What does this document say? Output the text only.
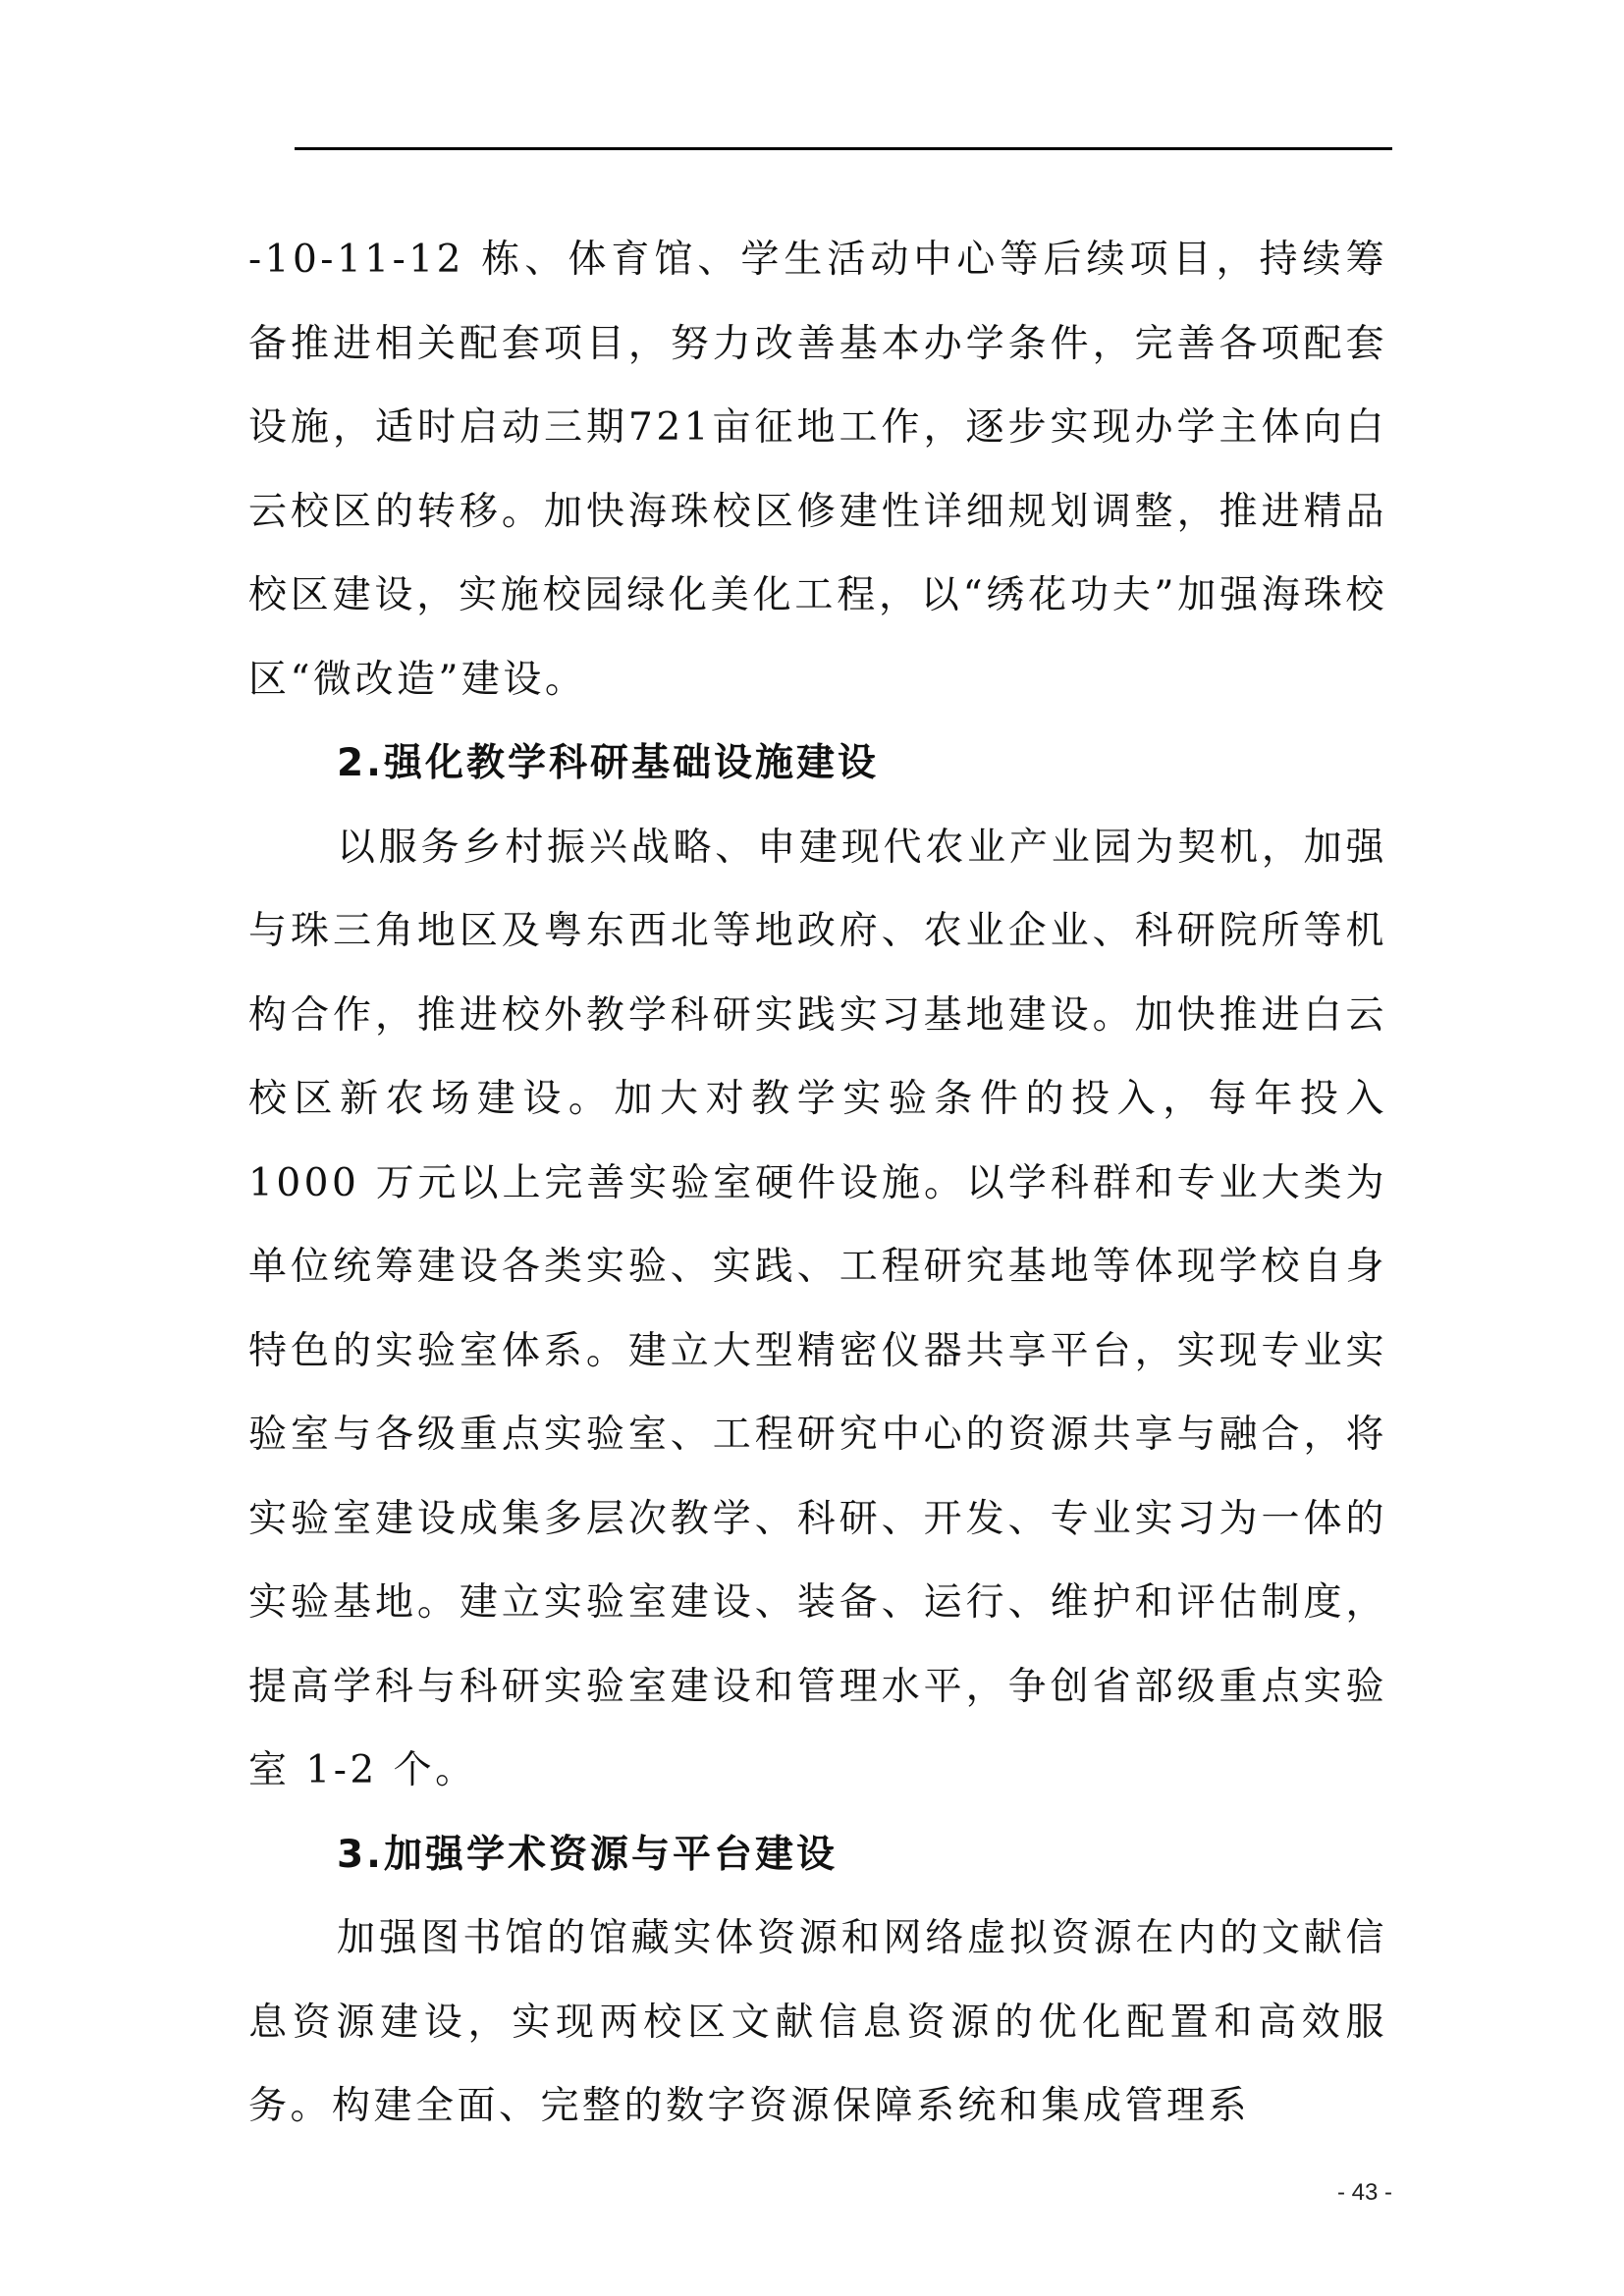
-10-11-12 栋、体育馆、学生活动中心等后续项目，持续筹备推进相关配套项目，努力改善基本办学条件，完善各项配套设施，适时启动三期721亩征地工作，逐步实现办学主体向白云校区的转移。加快海珠校区修建性详细规划调整，推进精品校区建设，实施校园绿化美化工程，以“绣花功夫”加强海珠校区“微改造”建设。

2.强化教学科研基础设施建设

以服务乡村振兴战略、申建现代农业产业园为契机，加强与珠三角地区及粤东西北等地政府、农业企业、科研院所等机构合作，推进校外教学科研实践实习基地建设。加快推进白云校区新农场建设。加大对教学实验条件的投入，每年投入 1000 万元以上完善实验室硬件设施。以学科群和专业大类为单位统筹建设各类实验、实践、工程研究基地等体现学校自身特色的实验室体系。建立大型精密仪器共享平台，实现专业实验室与各级重点实验室、工程研究中心的资源共享与融合，将实验室建设成集多层次教学、科研、开发、专业实习为一体的实验基地。建立实验室建设、装备、运行、维护和评估制度，提高学科与科研实验室建设和管理水平，争创省部级重点实验室 1-2 个。

3.加强学术资源与平台建设

加强图书馆的馆藏实体资源和网络虚拟资源在内的文献信息资源建设，实现两校区文献信息资源的优化配置和高效服务。构建全面、完整的数字资源保障系统和集成管理系

- 43 -
